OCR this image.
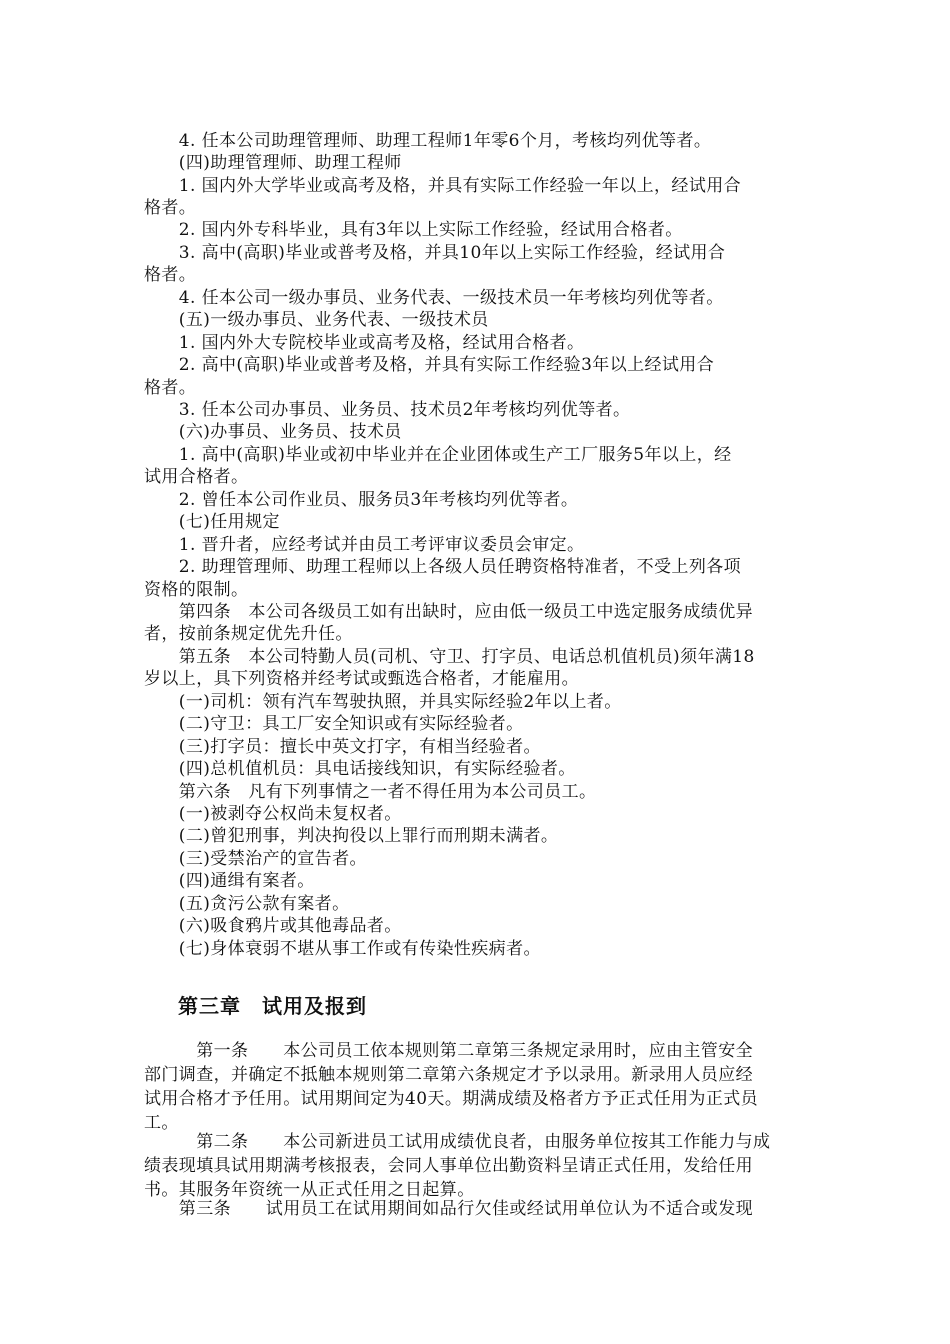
　　4. 任本公司助理管理师、助理工程师1年零6个月，考核均列优等者。
　　(四)助理管理师、助理工程师
　　1. 国内外大学毕业或高考及格，并具有实际工作经验一年以上，经试用合
格者。
　　2. 国内外专科毕业，具有3年以上实际工作经验，经试用合格者。
　　3. 高中(高职)毕业或普考及格，并具10年以上实际工作经验，经试用合
格者。
　　4. 任本公司一级办事员、业务代表、一级技术员一年考核均列优等者。
　　(五)一级办事员、业务代表、一级技术员
　　1. 国内外大专院校毕业或高考及格，经试用合格者。
　　2. 高中(高职)毕业或普考及格，并具有实际工作经验3年以上经试用合
格者。
　　3. 任本公司办事员、业务员、技术员2年考核均列优等者。
　　(六)办事员、业务员、技术员
　　1. 高中(高职)毕业或初中毕业并在企业团体或生产工厂服务5年以上，经
试用合格者。
　　2. 曾任本公司作业员、服务员3年考核均列优等者。
　　(七)任用规定
　　1. 晋升者，应经考试并由员工考评审议委员会审定。
　　2. 助理管理师、助理工程师以上各级人员任聘资格特准者，不受上列各项
资格的限制。
　　第四条　本公司各级员工如有出缺时，应由低一级员工中选定服务成绩优异
者，按前条规定优先升任。
　　第五条　本公司特勤人员(司机、守卫、打字员、电话总机值机员)须年满18
岁以上，具下列资格并经考试或甄选合格者，才能雇用。
　　(一)司机：领有汽车驾驶执照，并具实际经验2年以上者。
　　(二)守卫：具工厂安全知识或有实际经验者。
　　(三)打字员：擅长中英文打字，有相当经验者。
　　(四)总机值机员：具电话接线知识，有实际经验者。
　　第六条　凡有下列事情之一者不得任用为本公司员工。
　　(一)被剥夺公权尚未复权者。
　　(二)曾犯刑事，判决拘役以上罪行而刑期未满者。
　　(三)受禁治产的宣告者。
　　(四)通缉有案者。
　　(五)贪污公款有案者。
　　(六)吸食鸦片或其他毒品者。
　　(七)身体衰弱不堪从事工作或有传染性疾病者。
第三章　试用及报到
　　　第一条　　本公司员工依本规则第二章第三条规定录用时，应由主管安全
部门调查，并确定不抵触本规则第二章第六条规定才予以录用。新录用人员应经
试用合格才予任用。试用期间定为40天。期满成绩及格者方予正式任用为正式员
工。
　　　第二条　　本公司新进员工试用成绩优良者，由服务单位按其工作能力与成
绩表现填具试用期满考核报表，会同人事单位出勤资料呈请正式任用，发给任用
书。其服务年资统一从正式任用之日起算。
　　第三条　　试用员工在试用期间如品行欠佳或经试用单位认为不适合或发现
